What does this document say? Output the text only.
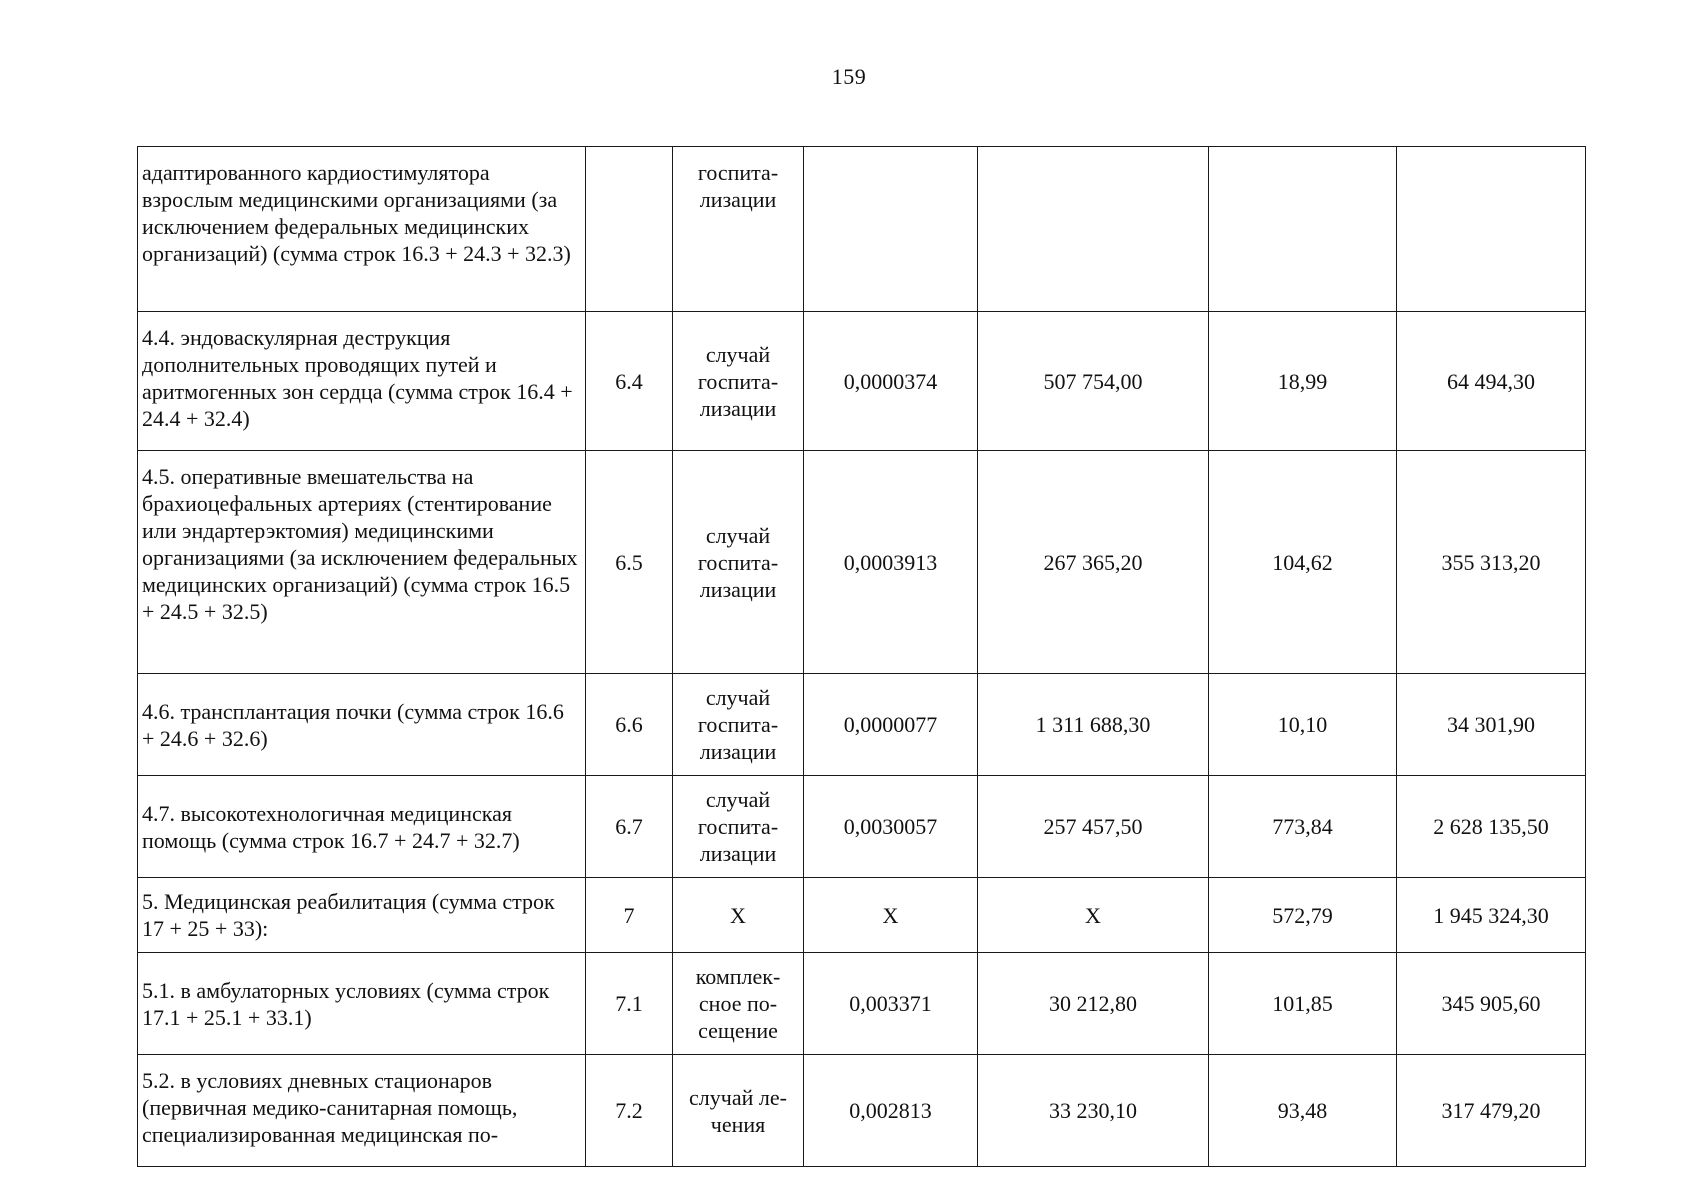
159
адаптированного кардиостимулятора взрослым медицинскими организациями (за исключением федеральных медицинских организаций) (сумма строк 16.3 + 24.3 + 32.3)		госпита-лизации				
4.4. эндоваскулярная деструкция дополнительных проводящих путей и аритмогенных зон сердца (сумма строк 16.4 + 24.4 + 32.4)	6.4	случай госпита-лизации	0,0000374	507 754,00	18,99	64 494,30
4.5. оперативные вмешательства на брахиоцефальных артериях (стентирование или эндартерэктомия) медицинскими организациями (за исключением федеральных медицинских организаций) (сумма строк 16.5 + 24.5 + 32.5)	6.5	случай госпита-лизации	0,0003913	267 365,20	104,62	355 313,20
4.6. трансплантация почки (сумма строк 16.6 + 24.6 + 32.6)	6.6	случай госпита-лизации	0,0000077	1 311 688,30	10,10	34 301,90
4.7. высокотехнологичная медицинская помощь (сумма строк 16.7 + 24.7 + 32.7)	6.7	случай госпита-лизации	0,0030057	257 457,50	773,84	2 628 135,50
5. Медицинская реабилитация (сумма строк 17 + 25 + 33):	7	X	X	X	572,79	1 945 324,30
5.1. в амбулаторных условиях (сумма строк 17.1 + 25.1 + 33.1)	7.1	комплек-сное по-сещение	0,003371	30 212,80	101,85	345 905,60
5.2. в условиях дневных стационаров (первичная медико-санитарная помощь, специализированная медицинская по-	7.2	случай ле-чения	0,002813	33 230,10	93,48	317 479,20
